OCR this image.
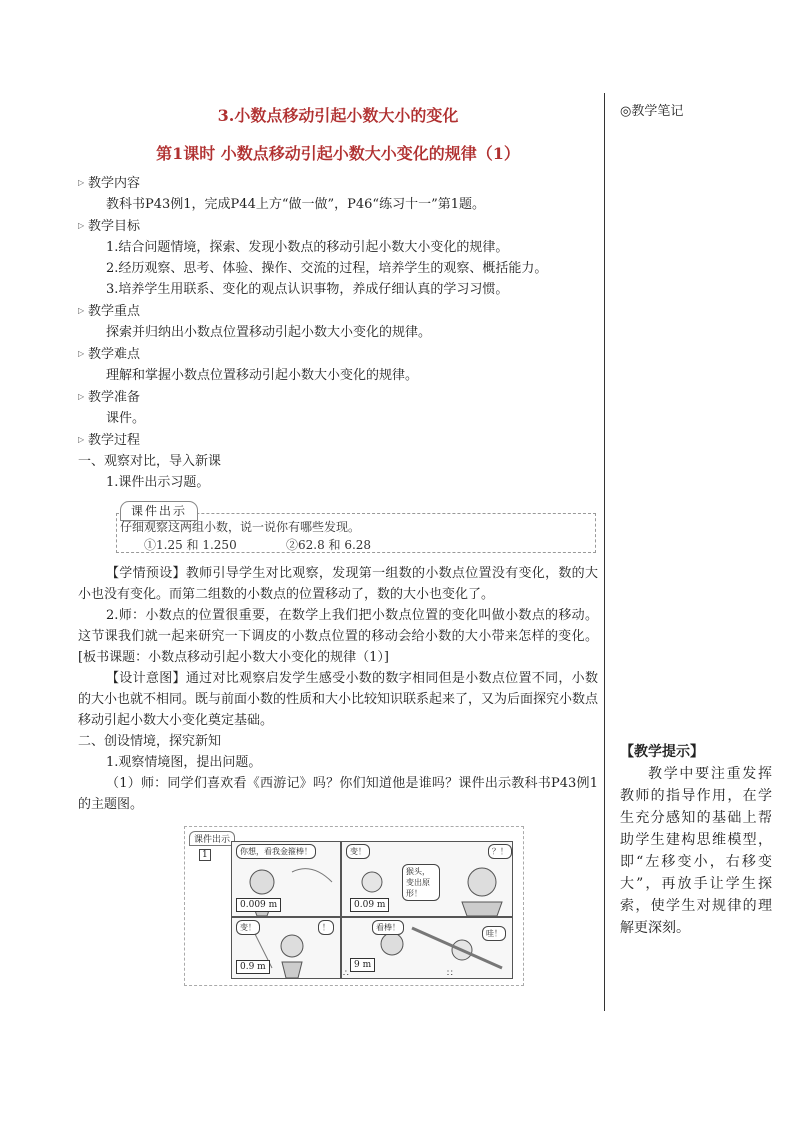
◎教学笔记
3.小数点移动引起小数大小的变化
第1课时 小数点移动引起小数大小变化的规律（1）
▷ 教学内容

教科书P43例1，完成P44上方“做一做”，P46“练习十一”第1题。

▷ 教学目标

1.结合问题情境，探索、发现小数点的移动引起小数大小变化的规律。

2.经历观察、思考、体验、操作、交流的过程，培养学生的观察、概括能力。

3.培养学生用联系、变化的观点认识事物，养成仔细认真的学习习惯。

▷ 教学重点

探索并归纳出小数点位置移动引起小数大小变化的规律。

▷ 教学难点

理解和掌握小数点位置移动引起小数大小变化的规律。

▷ 教学准备

课件。

▷ 教学过程

一、观察对比，导入新课

1.课件出示习题。

课件出示
仔细观察这两组小数，说一说你有哪些发现。
①1.25 和 1.250	②62.8 和 6.28

【学情预设】教师引导学生对比观察，发现第一组数的小数点位置没有变化，数的大小也没有变化。而第二组数的小数点的位置移动了，数的大小也变化了。

2.师：小数点的位置很重要，在数学上我们把小数点位置的变化叫做小数点的移动。这节课我们就一起来研究一下调皮的小数点位置的移动会给小数的大小带来怎样的变化。[板书课题：小数点移动引起小数大小变化的规律（1）]

【设计意图】通过对比观察启发学生感受小数的数字相同但是小数点位置不同，小数的大小也就不相同。既与前面小数的性质和大小比较知识联系起来了，又为后面探究小数点移动引起小数大小变化奠定基础。

二、创设情境，探究新知

1.观察情境图，提出问题。

（1）师：同学们喜欢看《西游记》吗？你们知道他是谁吗？课件出示教科书P43例1的主题图。

课件出示
1	你想，看我金箍棒！
0.009 m
变！
猴头，变出原形！
？！
0.09 m
变！	！
0.9 m
看棒！
哇！
9 m
∴	∷
【教学提示】
教学中要注重发挥教师的指导作用，在学生充分感知的基础上帮助学生建构思维模型，即“左移变小，右移变大”，再放手让学生探索，使学生对规律的理解更深刻。
